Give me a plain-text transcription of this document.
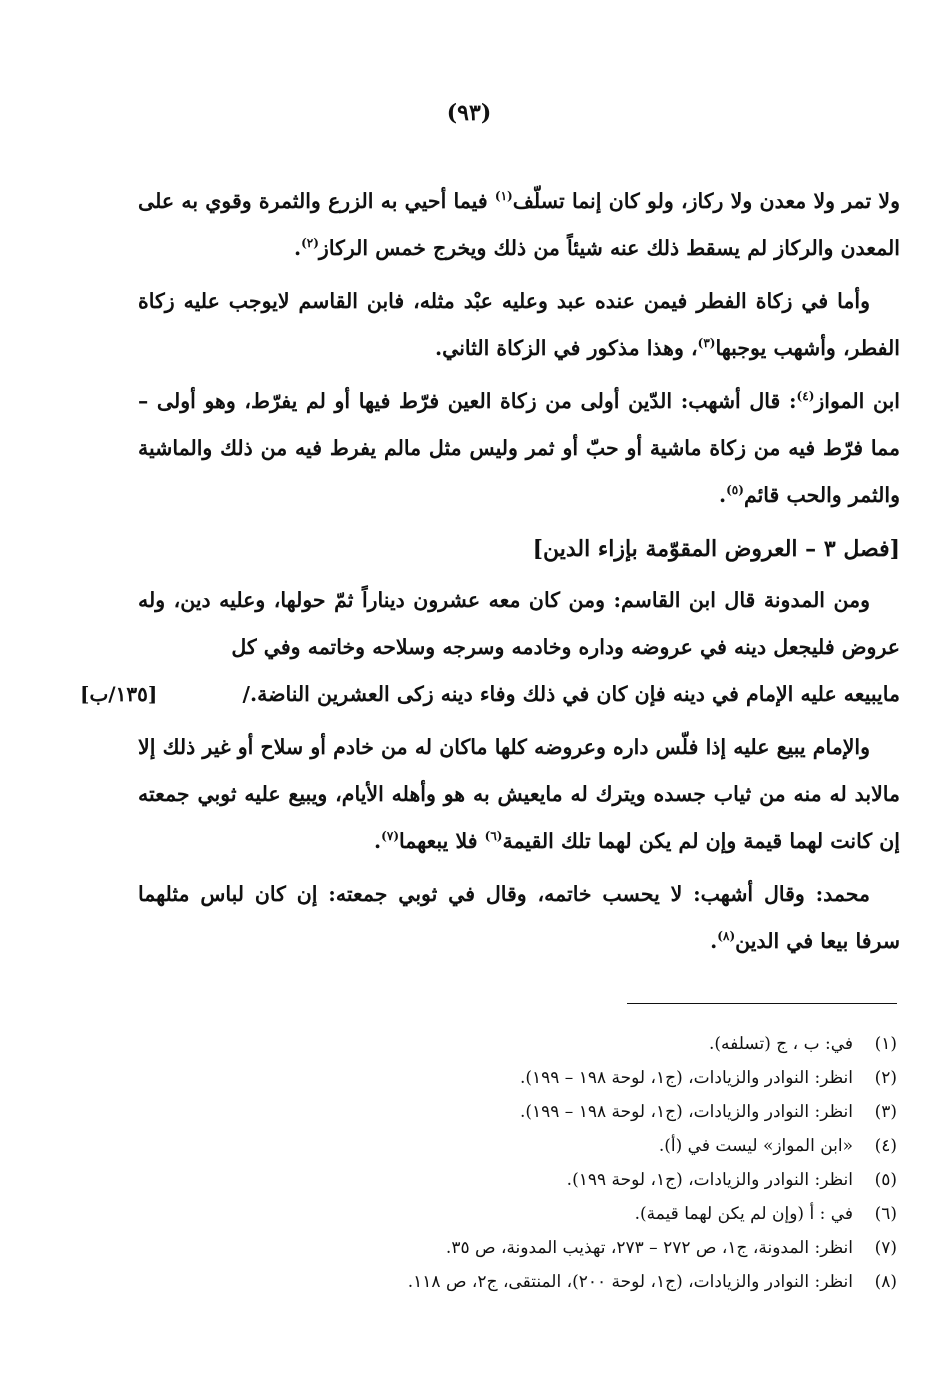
(٩٣)

ولا تمر ولا معدن ولا ركاز، ولو كان إنما تسلّف$^{(١)}$ فيما أحيي به الزرع والثمرة وقوي به على المعدن والركاز لم يسقط ذلك عنه شيئاً من ذلك ويخرج خمس الركاز$^{(٢)}$.

وأما في زكاة الفطر فيمن عنده عبد وعليه عبْد مثله، فابن القاسم لايوجب عليه زكاة الفطر، وأشهب يوجبها$^{(٣)}$، وهذا مذكور في الزكاة الثاني.

ابن المواز$^{(٤)}$: قال أشهب: الدّين أولى من زكاة العين فرّط فيها أو لم يفرّط، وهو أولى – مما فرّط فيه من زكاة ماشية أو حبّ أو ثمر وليس مثل مالم يفرط فيه من ذلك والماشية والثمر والحب قائم$^{(٥)}$.

[فصل ٣ – العروض المقوّمة بإزاء الدين]

ومن المدونة قال ابن القاسم: ومن كان معه عشرون ديناراً ثمّ حولها، وعليه دين، وله عروض فليجعل دينه في عروضه وداره وخادمه وسرجه وسلاحه وخاتمه وفي كل

مايبيعه عليه الإمام في دينه فإن كان في ذلك وفاء دينه زكى العشرين الناضة./
[١٣٥/ب]

والإمام يبيع عليه إذا فلّس داره وعروضه كلها ماكان له من خادم أو سلاح أو غير ذلك إلا مالابد له منه من ثياب جسده ويترك له مايعيش به هو وأهله الأيام، ويبيع عليه ثوبي جمعته إن كانت لهما قيمة وإن لم يكن لهما تلك القيمة$^{(٦)}$ فلا يبعهما$^{(٧)}$.

محمد: وقال أشهب: لا يحسب خاتمه، وقال في ثوبي جمعته: إن كان لباس مثلهما سرفا بيعا في الدين$^{(٨)}$.

(١)
في: ب ، ج (تسلفه).
(٢)
انظر: النوادر والزيادات، (ج١، لوحة ١٩٨ – ١٩٩).
(٣)
انظر: النوادر والزيادات، (ج١، لوحة ١٩٨ – ١٩٩).
(٤)
«ابن المواز» ليست في (أ).
(٥)
انظر: النوادر والزيادات، (ج١، لوحة ١٩٩).
(٦)
في : أ (وإن لم يكن لهما قيمة).
(٧)
انظر: المدونة، ج١، ص ٢٧٢ – ٢٧٣، تهذيب المدونة، ص ٣٥.
(٨)
انظر: النوادر والزيادات، (ج١، لوحة ٢٠٠)، المنتقى، ج٢، ص ١١٨.
